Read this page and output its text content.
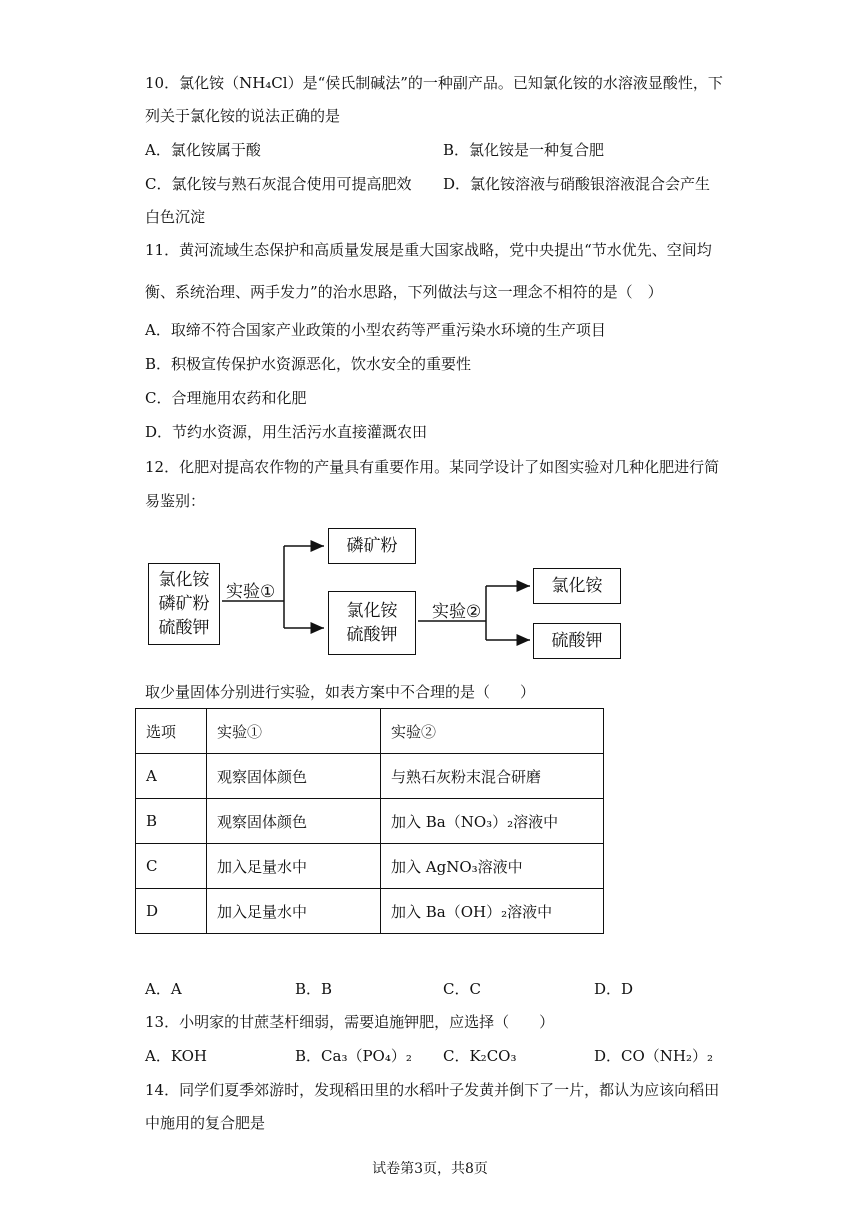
10．氯化铵（NH₄Cl）是“侯氏制碱法”的一种副产品。已知氯化铵的水溶液显酸性，下
列关于氯化铵的说法正确的是
A．氯化铵属于酸	B．氯化铵是一种复合肥
C．氯化铵与熟石灰混合使用可提高肥效 D．氯化铵溶液与硝酸银溶液混合会产生
白色沉淀
11．黄河流域生态保护和高质量发展是重大国家战略，党中央提出“节水优先、空间均
衡、系统治理、两手发力”的治水思路，下列做法与这一理念不相符的是（　）
A．取缔不符合国家产业政策的小型农药等严重污染水环境的生产项目
B．积极宣传保护水资源恶化，饮水安全的重要性
C．合理施用农药和化肥
D．节约水资源，用生活污水直接灌溉农田
12．化肥对提高农作物的产量具有重要作用。某同学设计了如图实验对几种化肥进行简
易鉴别：
氯化铵
磷矿粉
硫酸钾
实验①
磷矿粉
氯化铵
硫酸钾
实验②
氯化铵
硫酸钾
取少量固体分别进行实验，如表方案中不合理的是（　　）
选项	实验①	实验②
A	观察固体颜色	与熟石灰粉末混合研磨
B	观察固体颜色	加入 Ba（NO₃）₂溶液中
C	加入足量水中	加入 AgNO₃溶液中
D	加入足量水中	加入 Ba（OH）₂溶液中
A．A	B．B	C．C	D．D
13．小明家的甘蔗茎杆细弱，需要追施钾肥，应选择（　　）
A．KOH	B．Ca₃（PO₄）₂ C．K₂CO₃	D．CO（NH₂）₂
14．同学们夏季郊游时，发现稻田里的水稻叶子发黄并倒下了一片，都认为应该向稻田
中施用的复合肥是
试卷第3页，共8页
